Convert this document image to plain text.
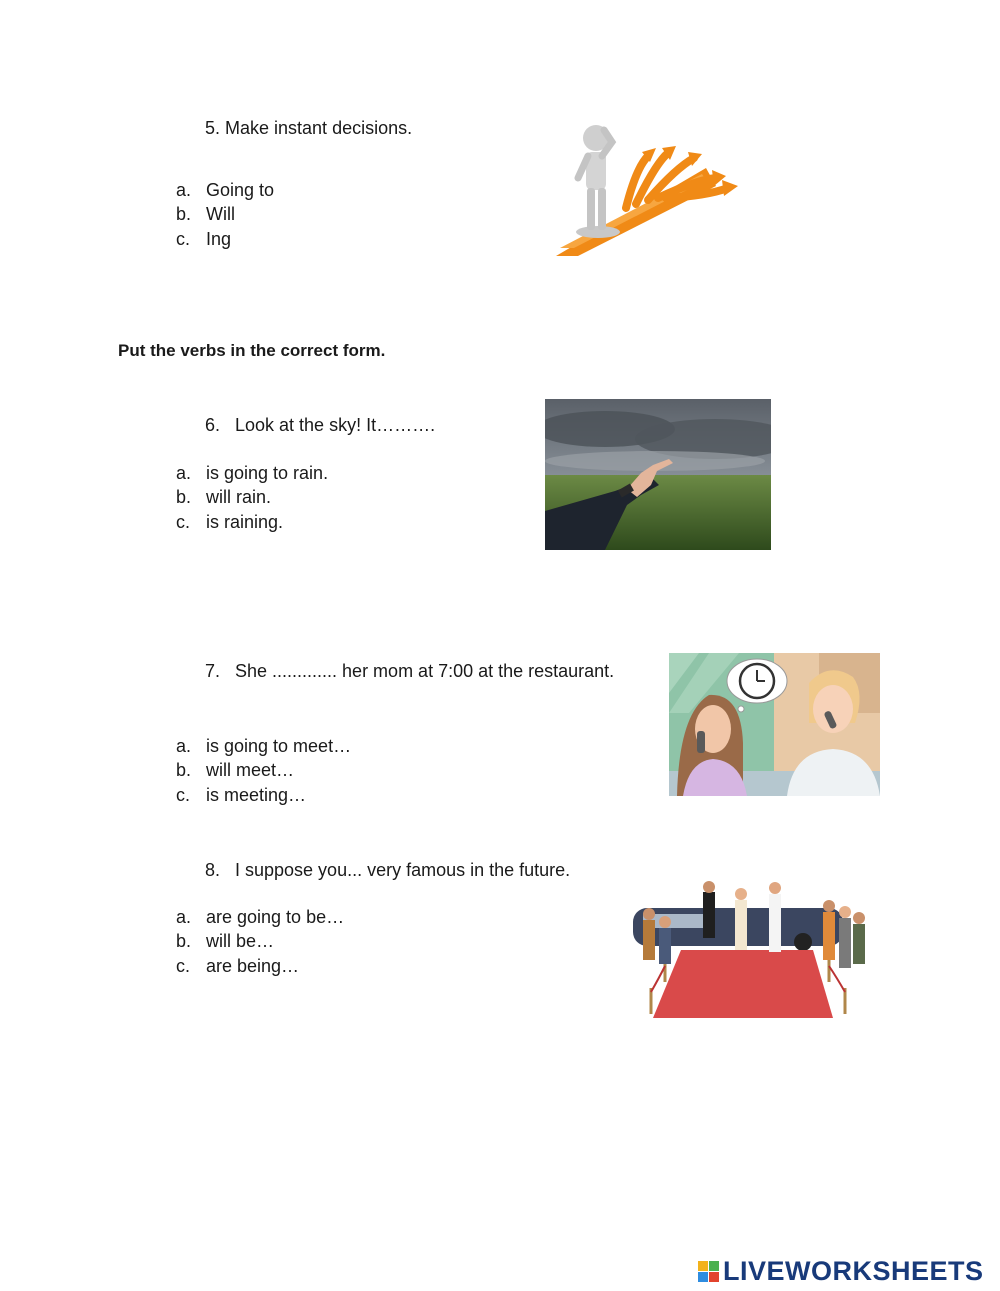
5. Make instant decisions.
a. Going to
b. Will
c. Ing
Put the verbs in the correct form.
6. Look at the sky! It……….
a. is going to rain.
b. will rain.
c. is raining.
7. She ............. her mom at 7:00 at the restaurant.
a. is going to meet…
b. will meet…
c. is meeting…
8. I suppose you... very famous in the future.
a. are going to be…
b. will be…
c. are being…
LIVEWORKSHEETS
